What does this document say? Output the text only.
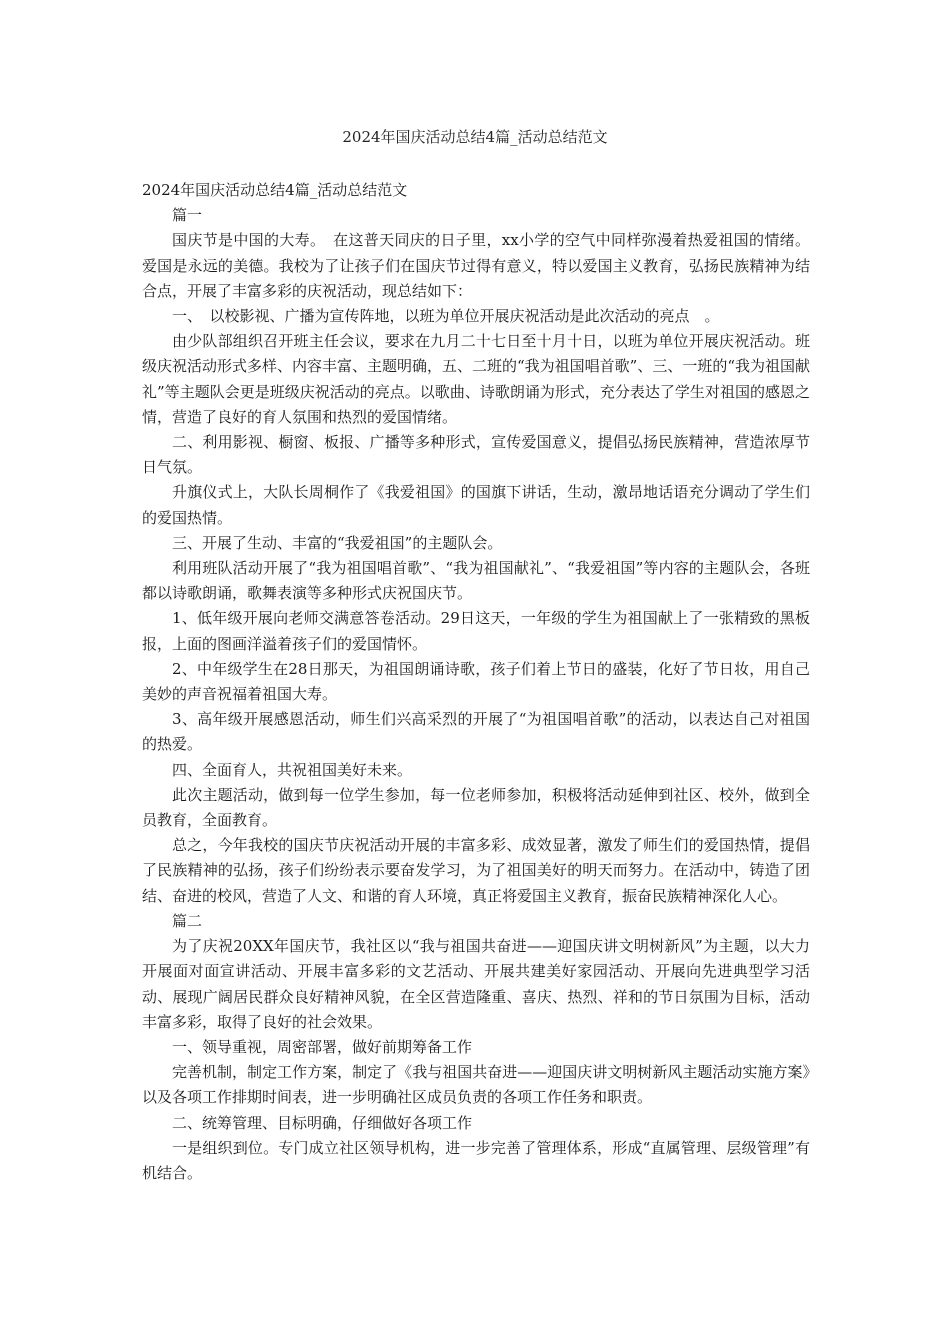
2024年国庆活动总结4篇_活动总结范文

2024年国庆活动总结4篇_活动总结范文

篇一

国庆节是中国的大寿。　在这普天同庆的日子里，xx小学的空气中同样弥漫着热爱祖国的情绪。爱国是永远的美德。我校为了让孩子们在国庆节过得有意义，特以爱国主义教育，弘扬民族精神为结合点，开展了丰富多彩的庆祝活动，现总结如下：

一、　以校影视、广播为宣传阵地，以班为单位开展庆祝活动是此次活动的亮点　。

由少队部组织召开班主任会议，要求在九月二十七日至十月十日，以班为单位开展庆祝活动。班级庆祝活动形式多样、内容丰富、主题明确，五、二班的“我为祖国唱首歌”、三、一班的“我为祖国献礼”等主题队会更是班级庆祝活动的亮点。以歌曲、诗歌朗诵为形式，充分表达了学生对祖国的感恩之情，营造了良好的育人氛围和热烈的爱国情绪。

二、利用影视、橱窗、板报、广播等多种形式，宣传爱国意义，提倡弘扬民族精神，营造浓厚节日气氛。

升旗仪式上，大队长周桐作了《我爱祖国》的国旗下讲话，生动，激昂地话语充分调动了学生们的爱国热情。

三、开展了生动、丰富的“我爱祖国”的主题队会。

利用班队活动开展了“我为祖国唱首歌”、“我为祖国献礼”、“我爱祖国”等内容的主题队会，各班都以诗歌朗诵，歌舞表演等多种形式庆祝国庆节。

1、低年级开展向老师交满意答卷活动。29日这天，一年级的学生为祖国献上了一张精致的黑板报，上面的图画洋溢着孩子们的爱国情怀。

2、中年级学生在28日那天，为祖国朗诵诗歌，孩子们着上节日的盛装，化好了节日妆，用自己美妙的声音祝福着祖国大寿。

3、高年级开展感恩活动，师生们兴高采烈的开展了“为祖国唱首歌”的活动，以表达自己对祖国的热爱。

四、全面育人，共祝祖国美好未来。

此次主题活动，做到每一位学生参加，每一位老师参加，积极将活动延伸到社区、校外，做到全员教育，全面教育。

总之，今年我校的国庆节庆祝活动开展的丰富多彩、成效显著，激发了师生们的爱国热情，提倡了民族精神的弘扬，孩子们纷纷表示要奋发学习，为了祖国美好的明天而努力。在活动中，铸造了团结、奋进的校风，营造了人文、和谐的育人环境，真正将爱国主义教育，振奋民族精神深化人心。

篇二

为了庆祝20XX年国庆节，我社区以“我与祖国共奋进——迎国庆讲文明树新风”为主题，以大力开展面对面宣讲活动、开展丰富多彩的文艺活动、开展共建美好家园活动、开展向先进典型学习活动、展现广阔居民群众良好精神风貌，在全区营造隆重、喜庆、热烈、祥和的节日氛围为目标，活动丰富多彩，取得了良好的社会效果。

一、领导重视，周密部署，做好前期筹备工作

完善机制，制定工作方案，制定了《我与祖国共奋进——迎国庆讲文明树新风主题活动实施方案》以及各项工作排期时间表，进一步明确社区成员负责的各项工作任务和职责。

二、统筹管理、目标明确，仔细做好各项工作

一是组织到位。专门成立社区领导机构，进一步完善了管理体系，形成“直属管理、层级管理”有机结合。
